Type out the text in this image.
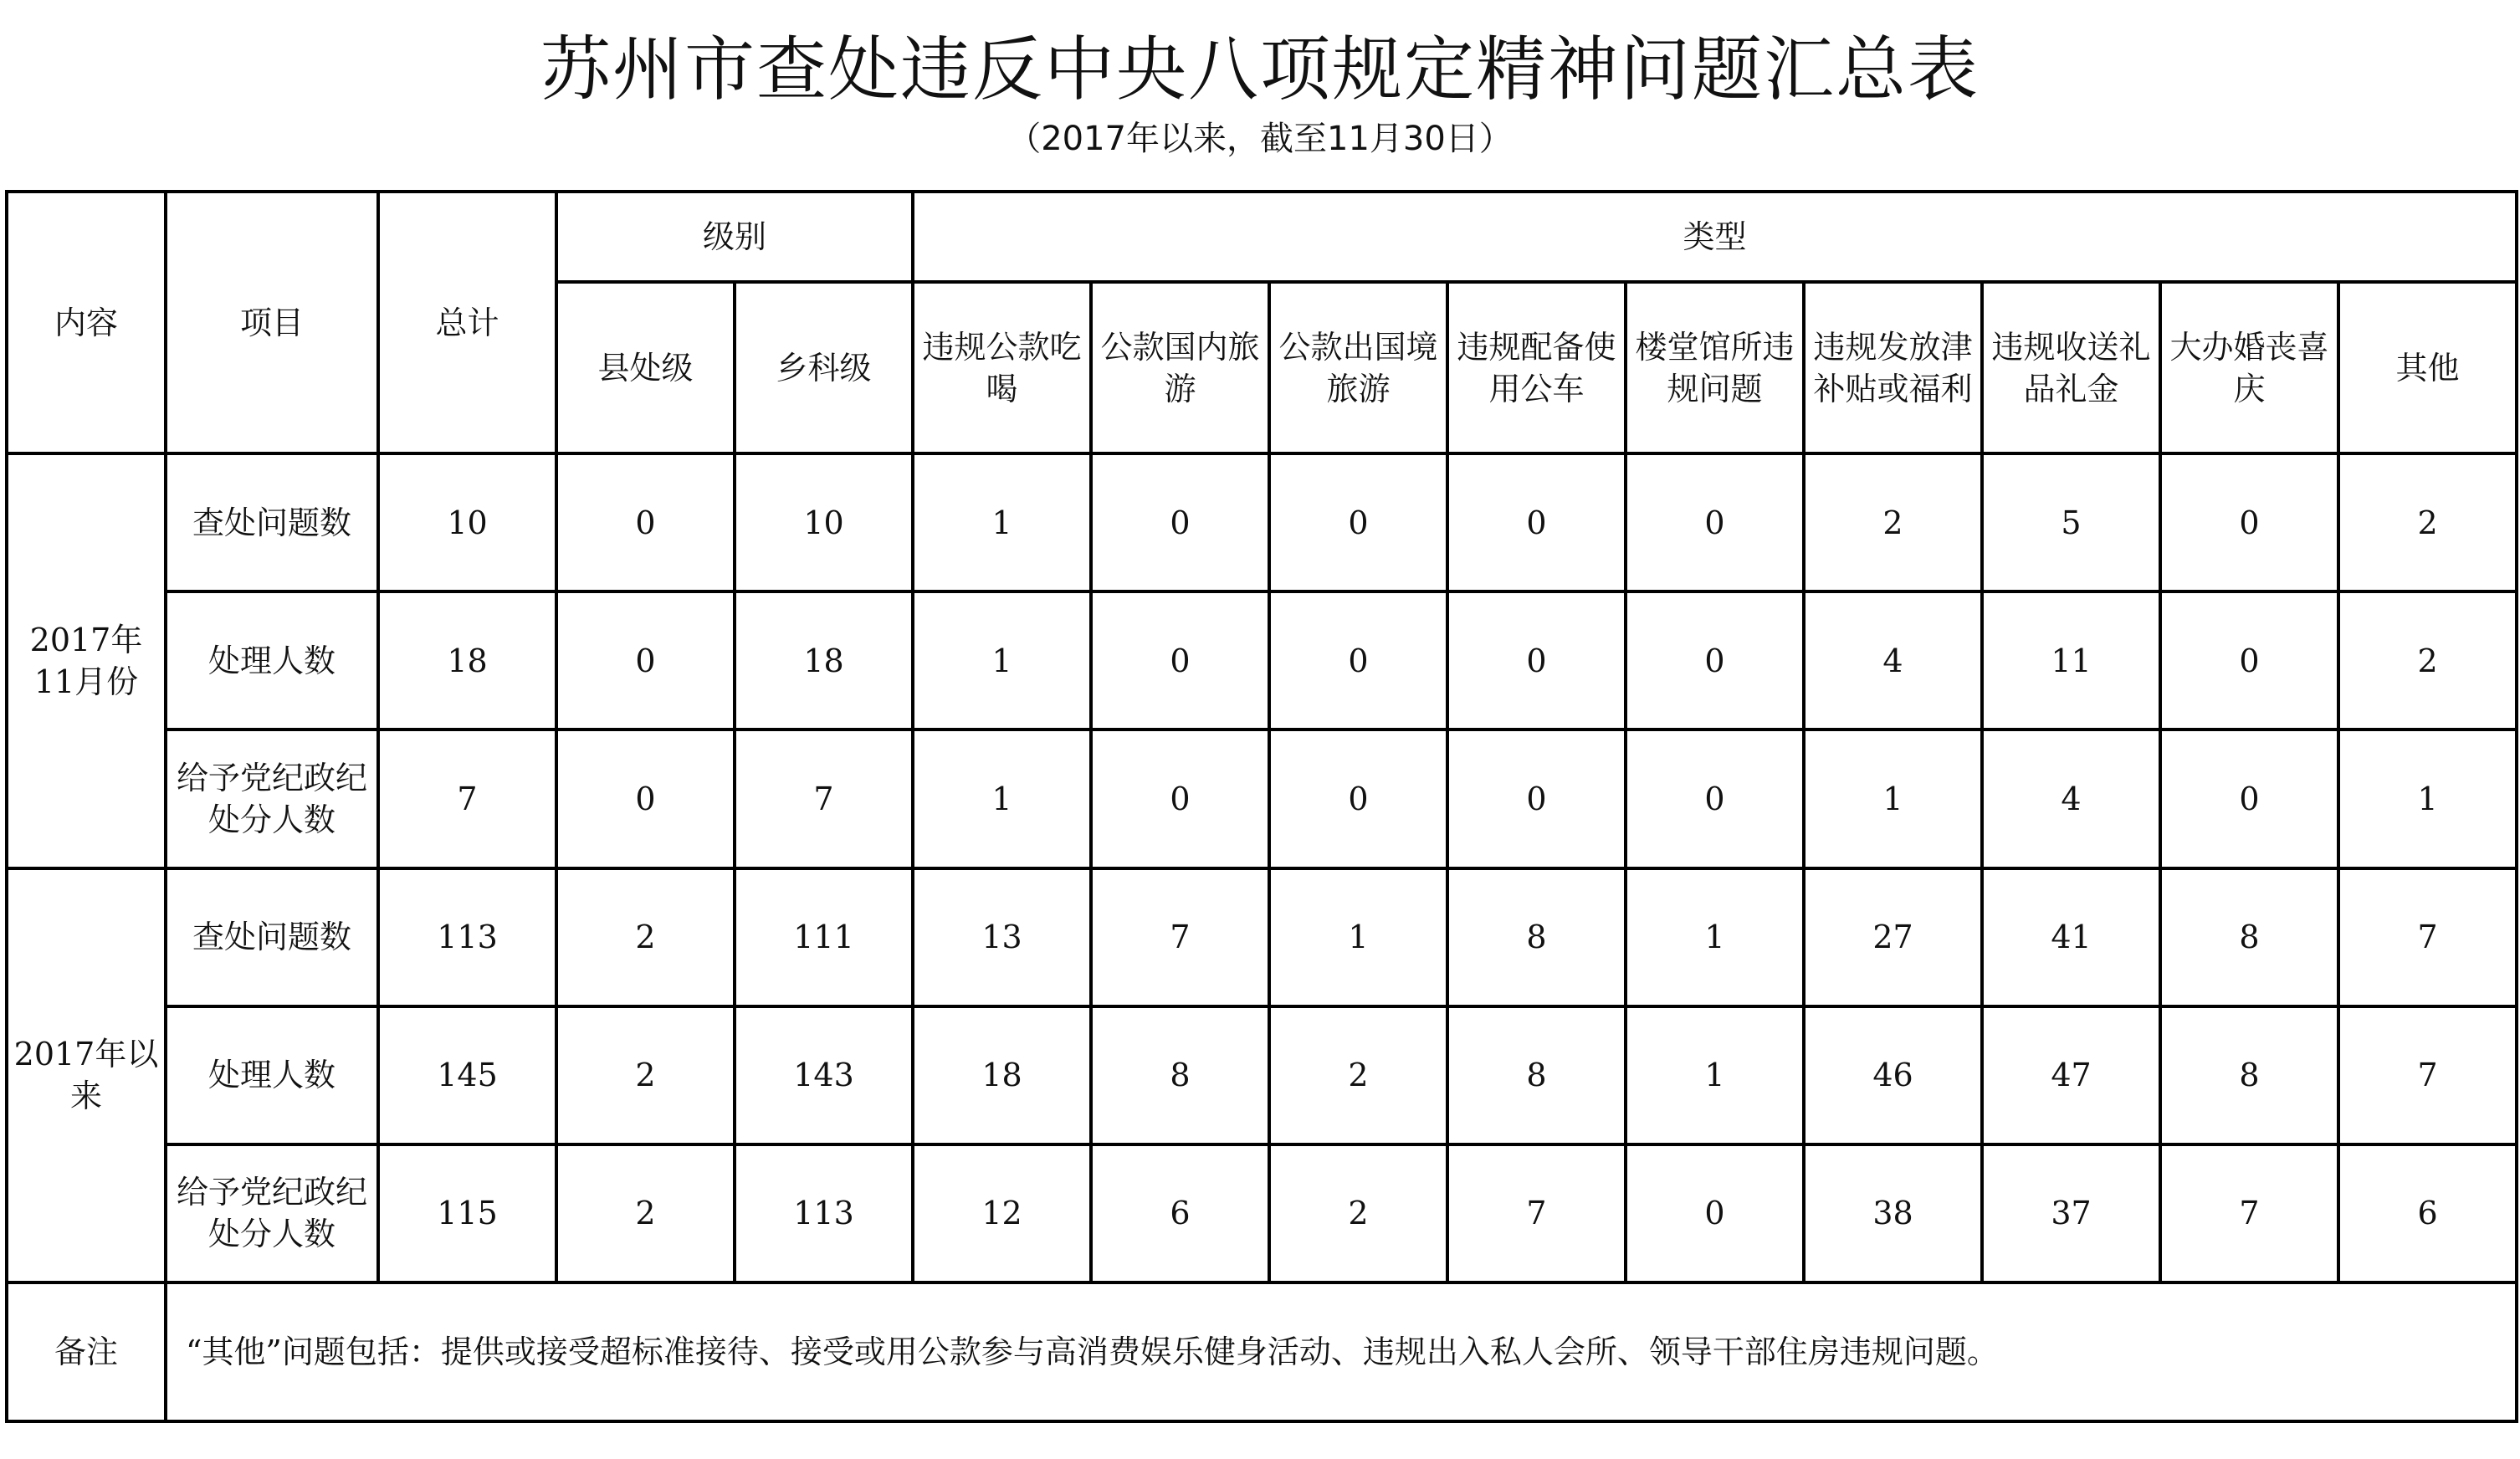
苏州市查处违反中央八项规定精神问题汇总表
（2017年以来，截至11月30日）
内容	项目	总计	级别		类型								
			县处级	乡科级	违规公款吃喝	公款国内旅游	公款出国境旅游	违规配备使用公车	楼堂馆所违规问题	违规发放津补贴或福利	违规收送礼品礼金	大办婚丧喜庆	其他
2017年11月份	查处问题数	10	0	10	1	0	0	0	0	2	5	0	2
	处理人数	18	0	18	1	0	0	0	0	4	11	0	2
	给予党纪政纪处分人数	7	0	7	1	0	0	0	0	1	4	0	1
2017年以来	查处问题数	113	2	111	13	7	1	8	1	27	41	8	7
	处理人数	145	2	143	18	8	2	8	1	46	47	8	7
	给予党纪政纪处分人数	115	2	113	12	6	2	7	0	38	37	7	6
备注	“其他”问题包括：提供或接受超标准接待、接受或用公款参与高消费娱乐健身活动、违规出入私人会所、领导干部住房违规问题。												
